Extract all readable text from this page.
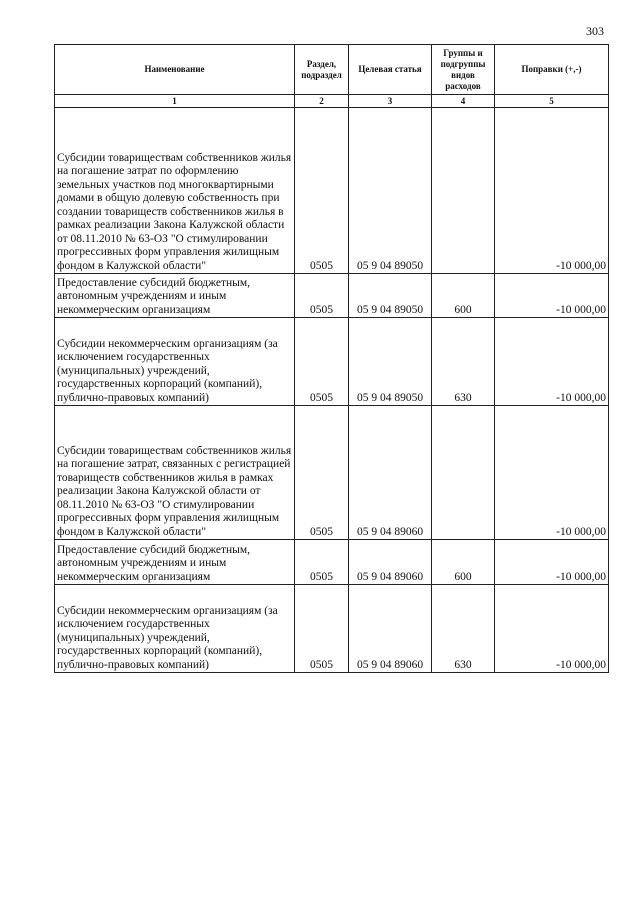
303
Наименование	Раздел, подраздел	Целевая статья	Группы и подгруппы видов расходов	Поправки (+,-)
1	2	3	4	5
Субсидии товариществам собственников жилья на погашение затрат по оформлению земельных участков под многоквартирными домами в общую долевую собственность при создании товариществ собственников жилья в рамках реализации Закона Калужской области от 08.11.2010 № 63-ОЗ "О стимулировании прогрессивных форм управления жилищным фондом в Калужской области"	0505	05 9 04 89050		-10 000,00
Предоставление субсидий бюджетным, автономным учреждениям и иным некоммерческим организациям	0505	05 9 04 89050	600	-10 000,00
Субсидии некоммерческим организациям (за исключением государственных (муниципальных) учреждений, государственных корпораций (компаний), публично-правовых компаний)	0505	05 9 04 89050	630	-10 000,00
Субсидии товариществам собственников жилья на погашение затрат, связанных с регистрацией товариществ собственников жилья в рамках реализации Закона Калужской области от 08.11.2010 № 63-ОЗ "О стимулировании прогрессивных форм управления жилищным фондом в Калужской области"	0505	05 9 04 89060		-10 000,00
Предоставление субсидий бюджетным, автономным учреждениям и иным некоммерческим организациям	0505	05 9 04 89060	600	-10 000,00
Субсидии некоммерческим организациям (за исключением государственных (муниципальных) учреждений, государственных корпораций (компаний), публично-правовых компаний)	0505	05 9 04 89060	630	-10 000,00
